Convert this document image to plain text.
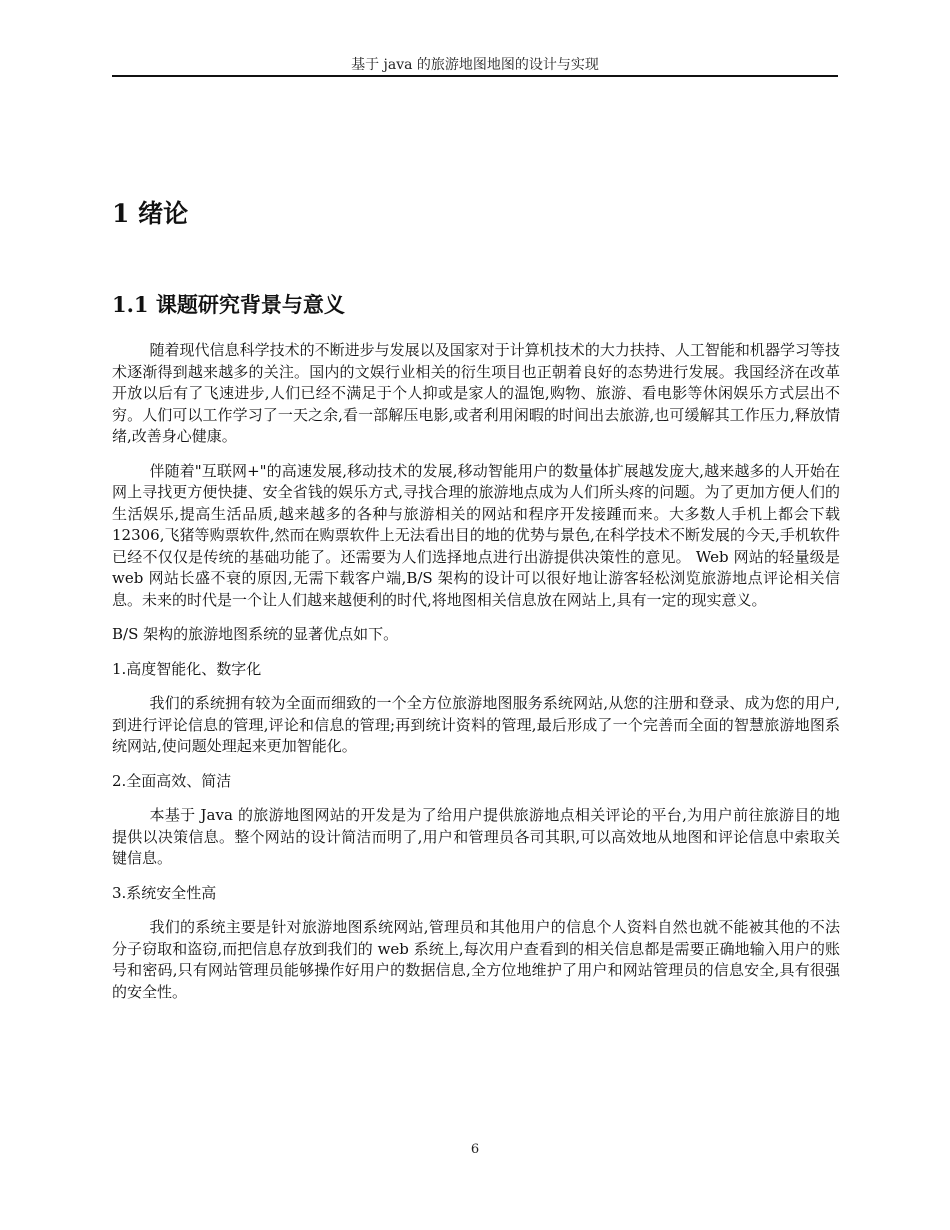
基于 java 的旅游地图地图的设计与实现
1 绪论
1.1 课题研究背景与意义

随着现代信息科学技术的不断进步与发展以及国家对于计算机技术的大力扶持、人工智能和机器学习等技术逐渐得到越来越多的关注。国内的文娱行业相关的衍生项目也正朝着良好的态势进行发展。我国经济在改革开放以后有了飞速进步,人们已经不满足于个人抑或是家人的温饱,购物、旅游、看电影等休闲娱乐方式层出不穷。人们可以工作学习了一天之余,看一部解压电影,或者利用闲暇的时间出去旅游,也可缓解其工作压力,释放情绪,改善身心健康。

伴随着"互联网+"的高速发展,移动技术的发展,移动智能用户的数量体扩展越发庞大,越来越多的人开始在网上寻找更方便快捷、安全省钱的娱乐方式,寻找合理的旅游地点成为人们所头疼的问题。为了更加方便人们的生活娱乐,提高生活品质,越来越多的各种与旅游相关的网站和程序开发接踵而来。大多数人手机上都会下载 12306,飞猪等购票软件,然而在购票软件上无法看出目的地的优势与景色,在科学技术不断发展的今天,手机软件已经不仅仅是传统的基础功能了。还需要为人们选择地点进行出游提供决策性的意见。 Web 网站的轻量级是 web 网站长盛不衰的原因,无需下载客户端,B/S 架构的设计可以很好地让游客轻松浏览旅游地点评论相关信息。未来的时代是一个让人们越来越便利的时代,将地图相关信息放在网站上,具有一定的现实意义。

B/S 架构的旅游地图系统的显著优点如下。

1.高度智能化、数字化

我们的系统拥有较为全面而细致的一个全方位旅游地图服务系统网站,从您的注册和登录、成为您的用户,到进行评论信息的管理,评论和信息的管理;再到统计资料的管理,最后形成了一个完善而全面的智慧旅游地图系统网站,使问题处理起来更加智能化。

2.全面高效、简洁

本基于 Java 的旅游地图网站的开发是为了给用户提供旅游地点相关评论的平台,为用户前往旅游目的地提供以决策信息。整个网站的设计简洁而明了,用户和管理员各司其职,可以高效地从地图和评论信息中索取关键信息。

3.系统安全性高

我们的系统主要是针对旅游地图系统网站,管理员和其他用户的信息个人资料自然也就不能被其他的不法分子窃取和盗窃,而把信息存放到我们的 web 系统上,每次用户查看到的相关信息都是需要正确地输入用户的账号和密码,只有网站管理员能够操作好用户的数据信息,全方位地维护了用户和网站管理员的信息安全,具有很强的安全性。

6
